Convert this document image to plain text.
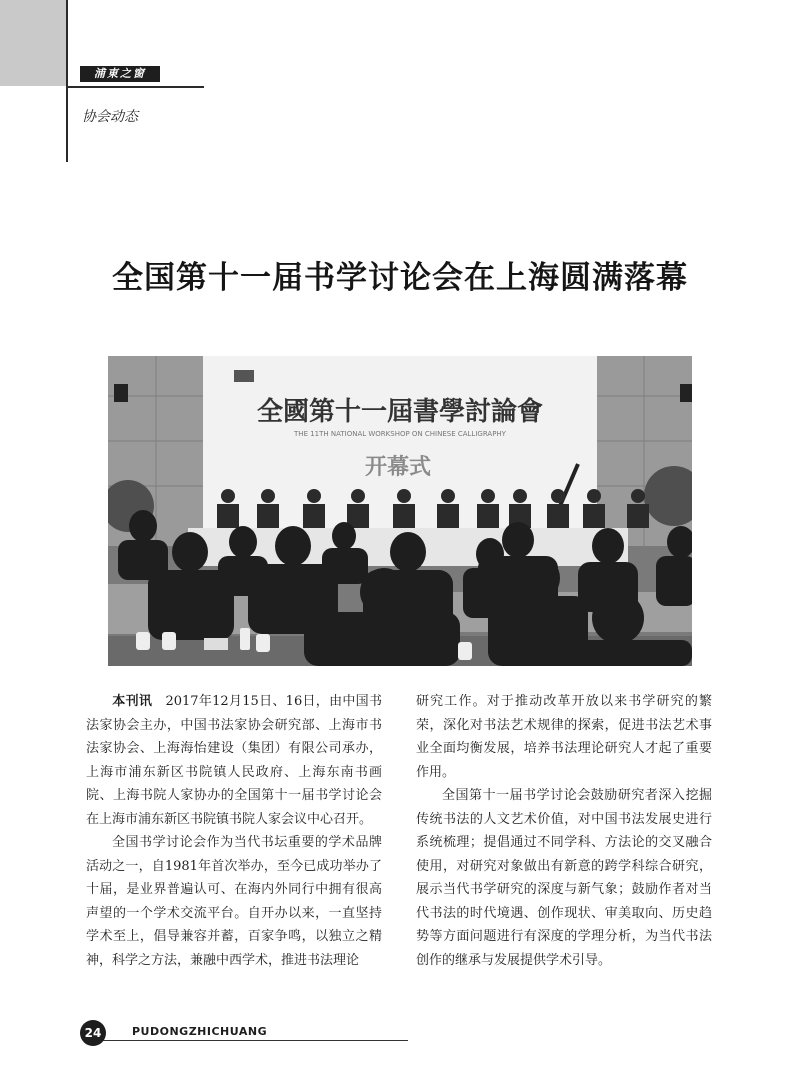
浦東之窗
协会动态
全国第十一届书学讨论会在上海圆满落幕
全國第十一屆書學討論會
THE 11TH NATIONAL WORKSHOP ON CHINESE CALLIGRAPHY
开幕式

本刊讯　 2017年12月15日、16日，由中国书法家协会主办，中国书法家协会研究部、上海市书法家协会、上海海怡建设（集团）有限公司承办，上海市浦东新区书院镇人民政府、上海东南书画院、上海书院人家协办的全国第十一届书学讨论会在上海市浦东新区书院镇书院人家会议中心召开。

全国书学讨论会作为当代书坛重要的学术品牌活动之一，自1981年首次举办，至今已成功举办了十届，是业界普遍认可、在海内外同行中拥有很高声望的一个学术交流平台。自开办以来，一直坚持学术至上，倡导兼容并蓄，百家争鸣，以独立之精神，科学之方法，兼融中西学术，推进书法理论

研究工作。对于推动改革开放以来书学研究的繁荣，深化对书法艺术规律的探索，促进书法艺术事业全面均衡发展，培养书法理论研究人才起了重要作用。

全国第十一届书学讨论会鼓励研究者深入挖掘传统书法的人文艺术价值，对中国书法发展史进行系统梳理；提倡通过不同学科、方法论的交叉融合使用，对研究对象做出有新意的跨学科综合研究，展示当代书学研究的深度与新气象；鼓励作者对当代书法的时代境遇、创作现状、审美取向、历史趋势等方面问题进行有深度的学理分析，为当代书法创作的继承与发展提供学术引导。

24	PUDONGZHICHUANG
